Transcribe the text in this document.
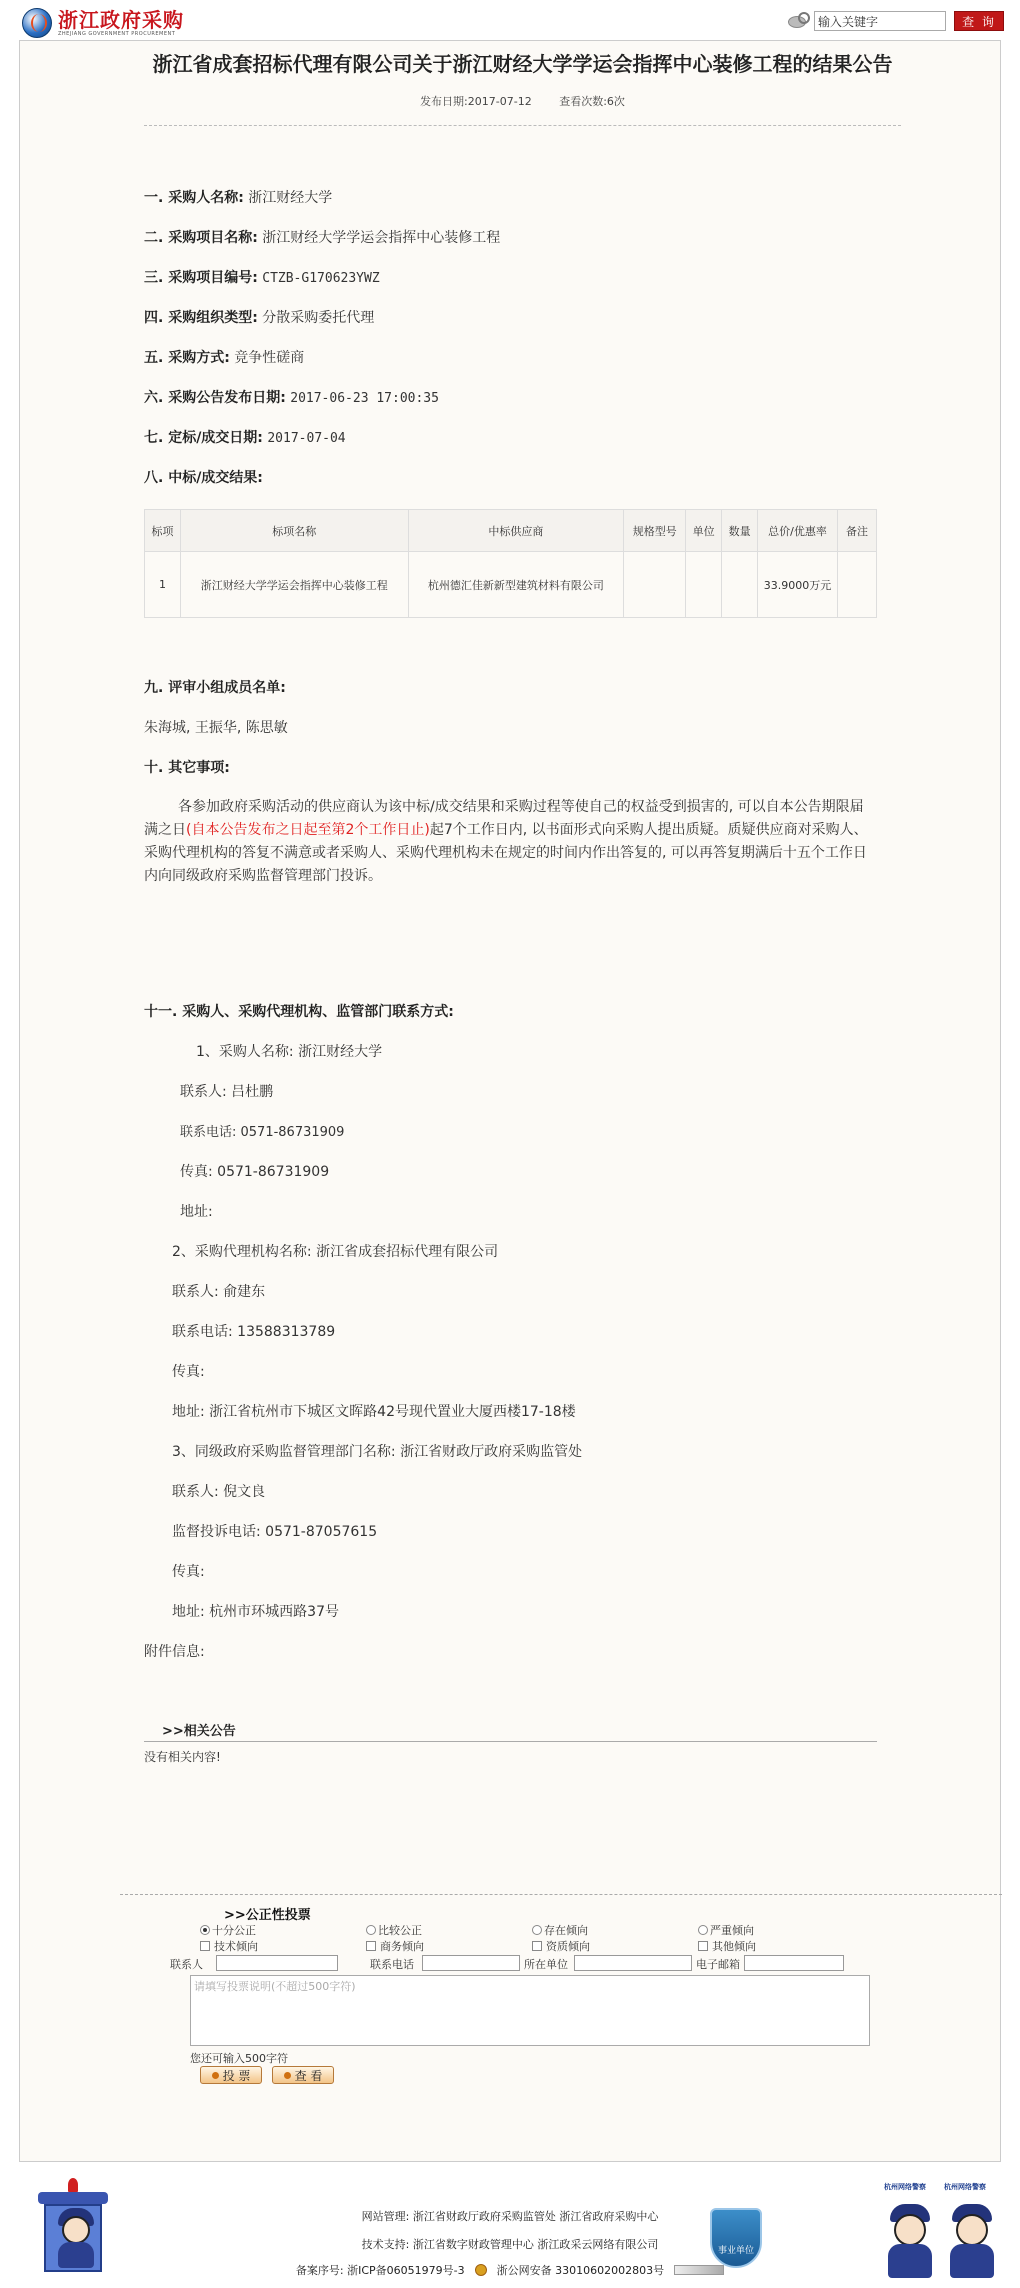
浙江政府采购
ZHEJIANG GOVERNMENT PROCUREMENT
输入关键字
查 询
浙江省成套招标代理有限公司关于浙江财经大学学运会指挥中心装修工程的结果公告
发布日期:2017-07-12	查看次数:6次
一. 采购人名称: 浙江财经大学
二. 采购项目名称: 浙江财经大学学运会指挥中心装修工程
三. 采购项目编号: CTZB-G170623YWZ
四. 采购组织类型: 分散采购委托代理
五. 采购方式: 竞争性磋商
六. 采购公告发布日期: 2017-06-23 17:00:35
七. 定标/成交日期: 2017-07-04
八. 中标/成交结果:
标项	标项名称	中标供应商	规格型号	单位	数量	总价/优惠率	备注
1	浙江财经大学学运会指挥中心装修工程	杭州德汇佳新新型建筑材料有限公司				33.9000万元	
九. 评审小组成员名单:
朱海城, 王振华, 陈思敏
十. 其它事项:
各参加政府采购活动的供应商认为该中标/成交结果和采购过程等使自己的权益受到损害的, 可以自本公告期限届满之日(自本公告发布之日起至第2个工作日止)起7个工作日内, 以书面形式向采购人提出质疑。质疑供应商对采购人、采购代理机构的答复不满意或者采购人、采购代理机构未在规定的时间内作出答复的, 可以再答复期满后十五个工作日内向同级政府采购监督管理部门投诉。
十一. 采购人、采购代理机构、监管部门联系方式:
1、采购人名称: 浙江财经大学
联系人: 吕杜鹏
联系电话: 0571-86731909
传真: 0571-86731909
地址:
2、采购代理机构名称: 浙江省成套招标代理有限公司
联系人: 俞建东
联系电话: 13588313789
传真:
地址: 浙江省杭州市下城区文晖路42号现代置业大厦西楼17-18楼
3、同级政府采购监督管理部门名称: 浙江省财政厅政府采购监管处
联系人: 倪文良
监督投诉电话: 0571-87057615
传真:
地址: 杭州市环城西路37号
附件信息:
>>相关公告
没有相关内容!
>>公正性投票
十分公正	比较公正	存在倾向	严重倾向
技术倾向	商务倾向	资质倾向	其他倾向
联系人	联系电话	所在单位	电子邮箱
请填写投票说明(不超过500字符)
您还可输入500字符
投 票	查 看
网站管理: 浙江省财政厅政府采购监管处 浙江省政府采购中心
技术支持: 浙江省数字财政管理中心 浙江政采云网络有限公司
备案序号: 浙ICP备06051979号-3	浙公网安备 33010602002803号
事业单位
杭州网络警察	杭州网络警察
